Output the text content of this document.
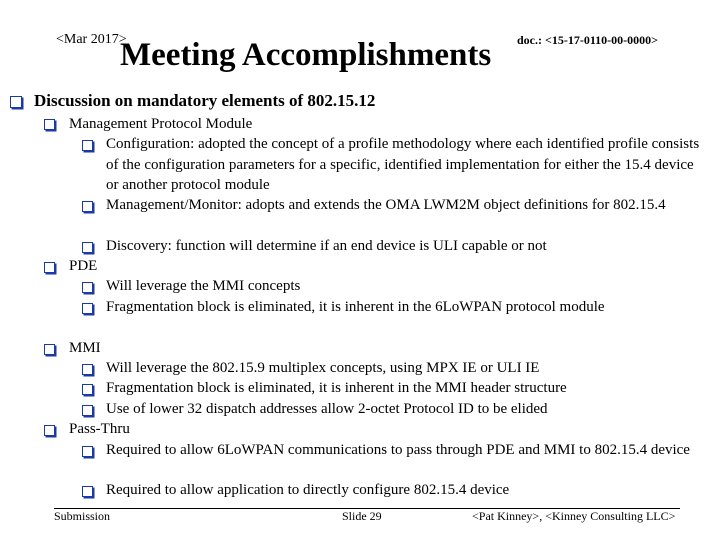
<Mar 2017>	doc.: <15-17-0110-00-0000>
Meeting Accomplishments
Discussion on mandatory elements of 802.15.12
Management Protocol Module
Configuration: adopted the concept of a profile methodology where each identified profile consists of the configuration parameters for a specific, identified implementation for either the 15.4 device or another protocol module
Management/Monitor: adopts and extends the OMA LWM2M object definitions for 802.15.4
Discovery: function will determine if an end device is ULI capable or not
PDE
Will leverage the MMI concepts
Fragmentation block is eliminated, it is inherent in the 6LoWPAN protocol module
MMI
Will leverage the 802.15.9 multiplex concepts, using MPX IE or ULI IE
Fragmentation block is eliminated, it is inherent in the MMI header structure
Use of lower 32 dispatch addresses allow 2-octet Protocol ID to be elided
Pass-Thru
Required to allow 6LoWPAN communications to pass through PDE and MMI to 802.15.4 device
Required to allow application to directly configure 802.15.4 device
Submission	Slide 29	<Pat Kinney>, <Kinney Consulting LLC>
